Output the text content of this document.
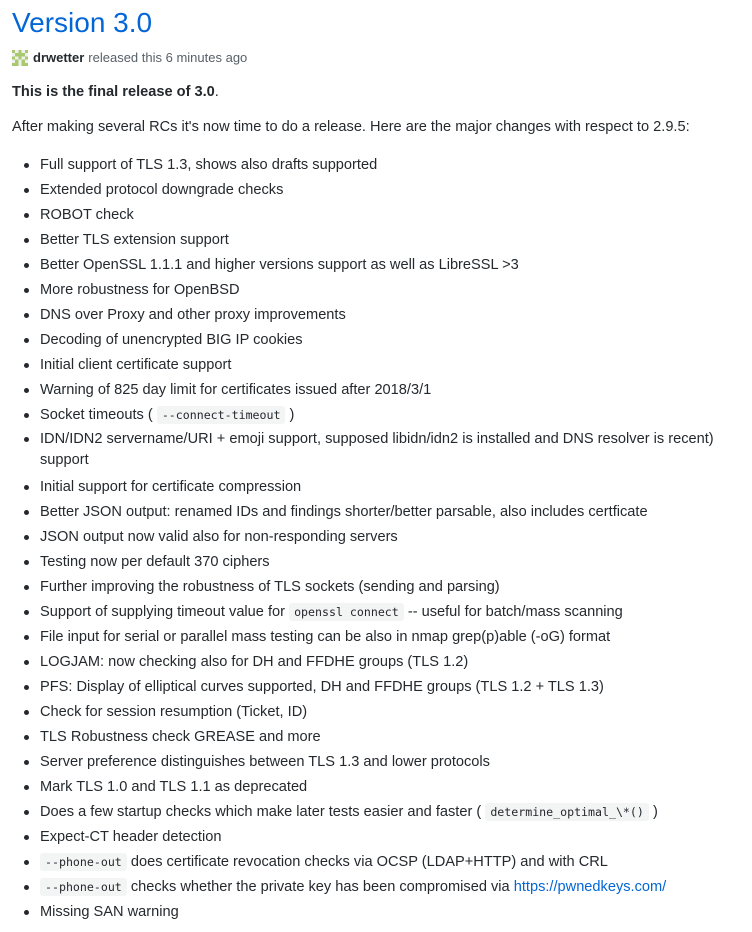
Version 3.0
drwetter released this 6 minutes ago

This is the final release of 3.0.

After making several RCs it's now time to do a release. Here are the major changes with respect to 2.9.5:

Full support of TLS 1.3, shows also drafts supported
Extended protocol downgrade checks
ROBOT check
Better TLS extension support
Better OpenSSL 1.1.1 and higher versions support as well as LibreSSL >3
More robustness for OpenBSD
DNS over Proxy and other proxy improvements
Decoding of unencrypted BIG IP cookies
Initial client certificate support
Warning of 825 day limit for certificates issued after 2018/3/1
Socket timeouts ( --connect-timeout )
IDN/IDN2 servername/URI + emoji support, supposed libidn/idn2 is installed and DNS resolver is recent) support
Initial support for certificate compression
Better JSON output: renamed IDs and findings shorter/better parsable, also includes certficate
JSON output now valid also for non-responding servers
Testing now per default 370 ciphers
Further improving the robustness of TLS sockets (sending and parsing)
Support of supplying timeout value for openssl connect -- useful for batch/mass scanning
File input for serial or parallel mass testing can be also in nmap grep(p)able (-oG) format
LOGJAM: now checking also for DH and FFDHE groups (TLS 1.2)
PFS: Display of elliptical curves supported, DH and FFDHE groups (TLS 1.2 + TLS 1.3)
Check for session resumption (Ticket, ID)
TLS Robustness check GREASE and more
Server preference distinguishes between TLS 1.3 and lower protocols
Mark TLS 1.0 and TLS 1.1 as deprecated
Does a few startup checks which make later tests easier and faster ( determine_optimal_\*() )
Expect-CT header detection
--phone-out does certificate revocation checks via OCSP (LDAP+HTTP) and with CRL
--phone-out checks whether the private key has been compromised via https://pwnedkeys.com/
Missing SAN warning
